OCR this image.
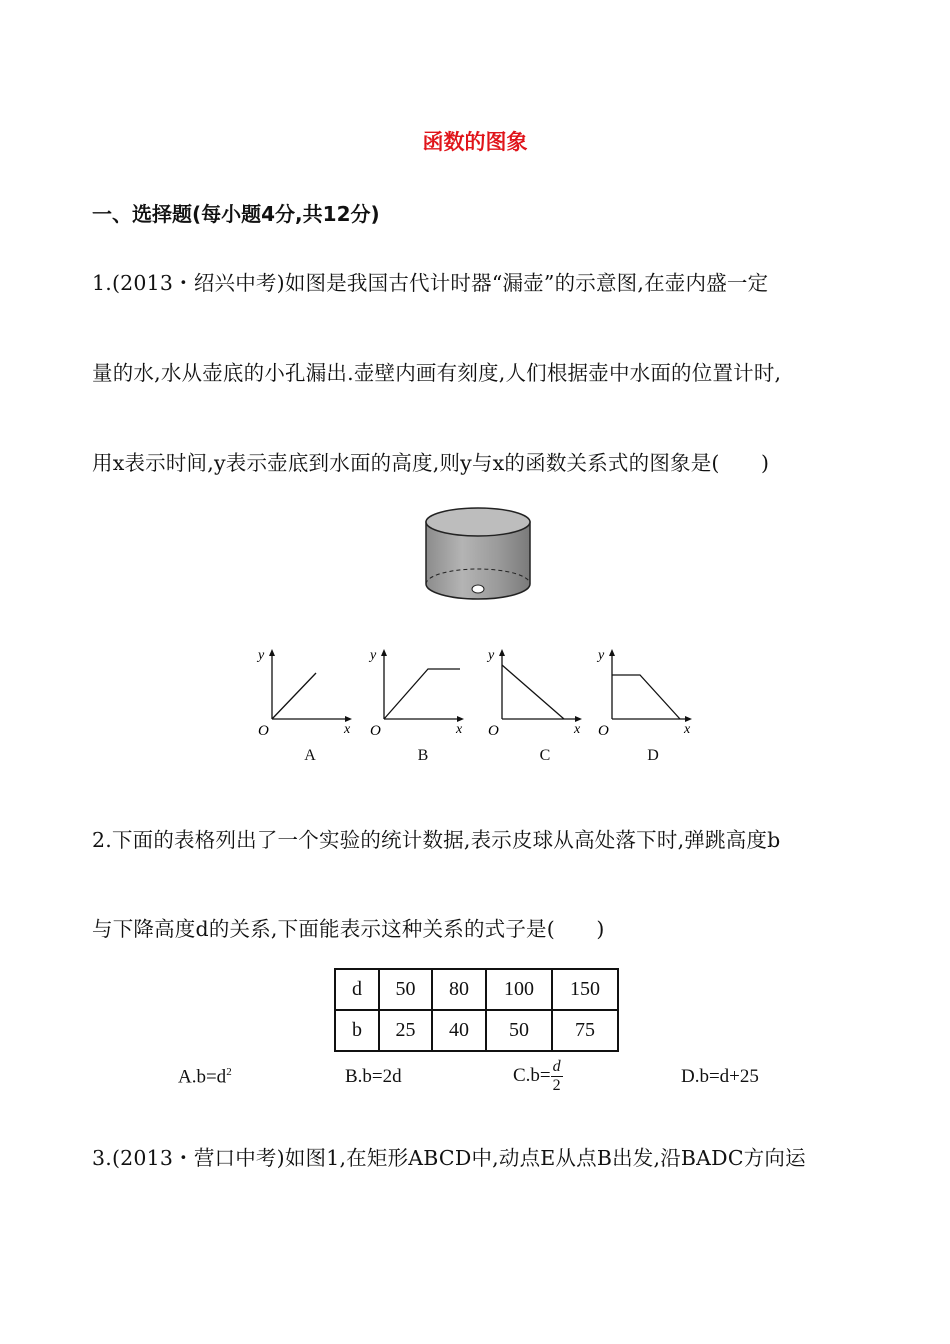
函数的图象
一、选择题(每小题4分,共12分)
1.(2013・绍兴中考)如图是我国古代计时器“漏壶”的示意图,在壶内盛一定
量的水,水从壶底的小孔漏出.壶壁内画有刻度,人们根据壶中水面的位置计时,
用x表示时间,y表示壶底到水面的高度,则y与x的函数关系式的图象是(　　)
y
O	x
y
O	x
y
O	x
y
O	x
A	B	C	D
2.下面的表格列出了一个实验的统计数据,表示皮球从高处落下时,弹跳高度b
与下降高度d的关系,下面能表示这种关系的式子是(　　)
d	50	80	100	150
b	25	40	50	75
$A.b=d^2$	B.b=2d	$C.b= \frac{d}{2}$	D.b=d+25
3.(2013・营口中考)如图1,在矩形ABCD中,动点E从点B出发,沿BADC方向运
